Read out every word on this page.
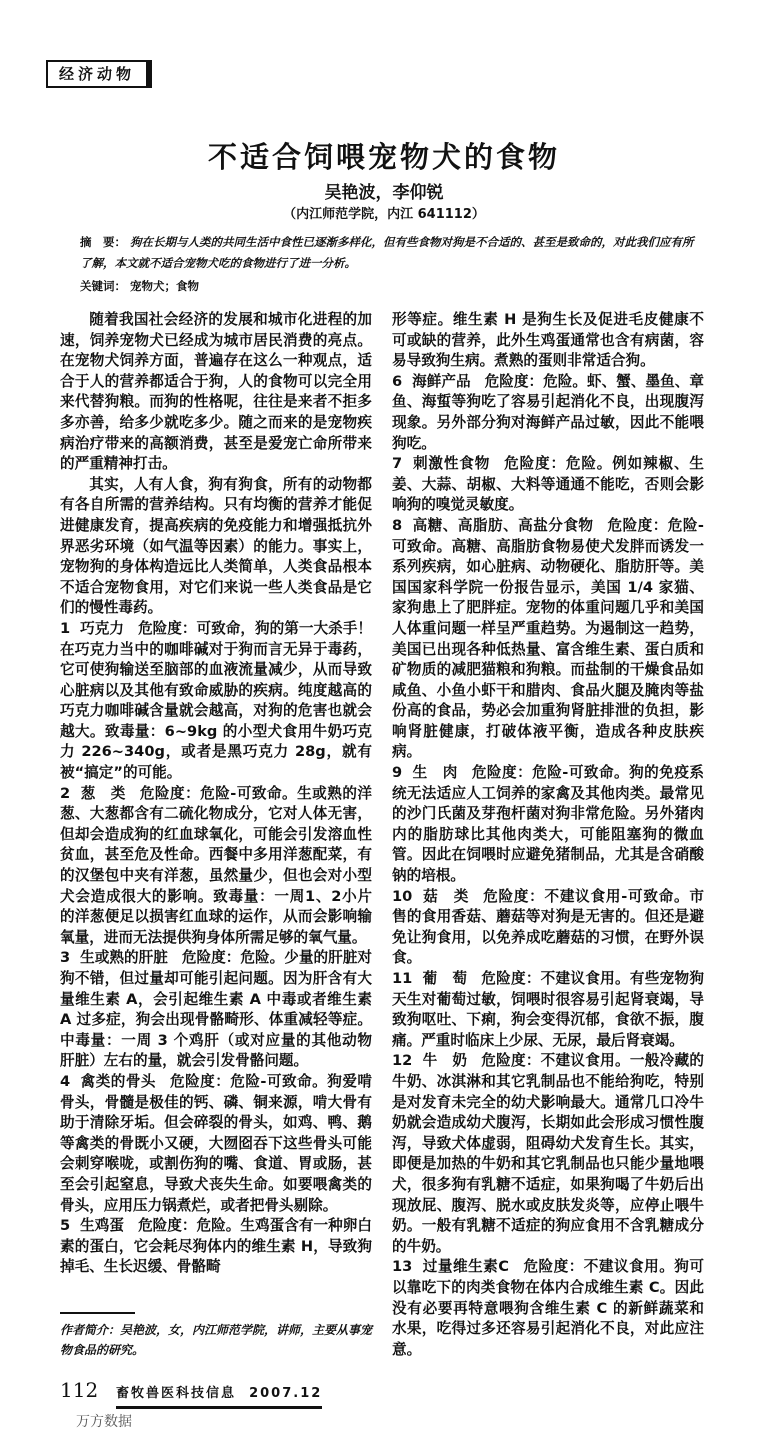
经济动物
不适合饲喂宠物犬的食物
吴艳波，李仰锐
（内江师范学院，内江 641112）
摘　要： 狗在长期与人类的共同生活中食性已逐渐多样化，但有些食物对狗是不合适的、甚至是致命的，对此我们应有所了解，本文就不适合宠物犬吃的食物进行了进一分析。
关键词： 宠物犬；食物

随着我国社会经济的发展和城市化进程的加速，饲养宠物犬已经成为城市居民消费的亮点。在宠物犬饲养方面，普遍存在这么一种观点，适合于人的营养都适合于狗，人的食物可以完全用来代替狗粮。而狗的性格呢，往往是来者不拒多多亦善，给多少就吃多少。随之而来的是宠物疾病治疗带来的高额消费，甚至是爱宠亡命所带来的严重精神打击。

其实，人有人食，狗有狗食，所有的动物都有各自所需的营养结构。只有均衡的营养才能促进健康发育，提高疾病的免疫能力和增强抵抗外界恶劣环境（如气温等因素）的能力。事实上，宠物狗的身体构造远比人类简单，人类食品根本不适合宠物食用，对它们来说一些人类食品是它们的慢性毒药。

1 巧克力 危险度：可致命，狗的第一大杀手！在巧克力当中的咖啡碱对于狗而言无异于毒药，它可使狗输送至脑部的血液流量减少，从而导致心脏病以及其他有致命威胁的疾病。纯度越高的巧克力咖啡碱含量就会越高，对狗的危害也就会越大。致毒量：6~9kg 的小型犬食用牛奶巧克力 226~340g，或者是黑巧克力 28g，就有被“搞定”的可能。

2 葱　类 危险度：危险-可致命。生或熟的洋葱、大葱都含有二硫化物成分，它对人体无害，但却会造成狗的红血球氧化，可能会引发溶血性贫血，甚至危及性命。西餐中多用洋葱配菜，有的汉堡包中夹有洋葱，虽然量少，但也会对小型犬会造成很大的影响。致毒量：一周1、2小片的洋葱便足以损害红血球的运作，从而会影响输氧量，进而无法提供狗身体所需足够的氧气量。

3 生或熟的肝脏 危险度：危险。少量的肝脏对狗不错，但过量却可能引起问题。因为肝含有大量维生素 A，会引起维生素 A 中毒或者维生素 A 过多症，狗会出现骨骼畸形、体重减轻等症。中毒量：一周 3 个鸡肝（或对应量的其他动物肝脏）左右的量，就会引发骨骼问题。

4 禽类的骨头 危险度：危险-可致命。狗爱啃骨头，骨髓是极佳的钙、磷、铜来源，啃大骨有助于清除牙垢。但会碎裂的骨头，如鸡、鸭、鹅等禽类的骨既小又硬，大囫囵吞下这些骨头可能会刺穿喉咙，或割伤狗的嘴、食道、胃或肠，甚至会引起窒息，导致犬丧失生命。如要喂禽类的骨头，应用压力锅煮烂，或者把骨头剔除。

5 生鸡蛋 危险度：危险。生鸡蛋含有一种卵白素的蛋白，它会耗尽狗体内的维生素 H，导致狗掉毛、生长迟缓、骨骼畸

作者简介：吴艳波，女，内江师范学院，讲师，主要从事宠物食品的研究。

形等症。维生素 H 是狗生长及促进毛皮健康不可或缺的营养，此外生鸡蛋通常也含有病菌，容易导致狗生病。煮熟的蛋则非常适合狗。

6 海鲜产品 危险度：危险。虾、蟹、墨鱼、章鱼、海蜇等狗吃了容易引起消化不良，出现腹泻现象。另外部分狗对海鲜产品过敏，因此不能喂狗吃。

7 刺激性食物 危险度：危险。例如辣椒、生姜、大蒜、胡椒、大料等通通不能吃，否则会影响狗的嗅觉灵敏度。

8 高糖、高脂肪、高盐分食物 危险度：危险-可致命。高糖、高脂肪食物易使犬发胖而诱发一系列疾病，如心脏病、动物硬化、脂肪肝等。美国国家科学院一份报告显示，美国 1/4 家猫、家狗患上了肥胖症。宠物的体重问题几乎和美国人体重问题一样呈严重趋势。为遏制这一趋势，美国已出现各种低热量、富含维生素、蛋白质和矿物质的减肥猫粮和狗粮。而盐制的干燥食品如咸鱼、小鱼小虾干和腊肉、食品火腿及腌肉等盐份高的食品，势必会加重狗肾脏排泄的负担，影响肾脏健康，打破体液平衡，造成各种皮肤疾病。

9 生　肉 危险度：危险-可致命。狗的免疫系统无法适应人工饲养的家禽及其他肉类。最常见的沙门氏菌及芽孢杆菌对狗非常危险。另外猪肉内的脂肪球比其他肉类大，可能阻塞狗的微血管。因此在饲喂时应避免猪制品，尤其是含硝酸钠的培根。

10 菇　类 危险度：不建议食用-可致命。市售的食用香菇、蘑菇等对狗是无害的。但还是避免让狗食用，以免养成吃蘑菇的习惯，在野外误食。

11 葡　萄 危险度：不建议食用。有些宠物狗天生对葡萄过敏，饲喂时很容易引起肾衰竭，导致狗呕吐、下痢，狗会变得沉郁，食欲不振，腹痛。严重时临床上少尿、无尿，最后肾衰竭。

12 牛　奶 危险度：不建议食用。一般冷藏的牛奶、冰淇淋和其它乳制品也不能给狗吃，特别是对发育未完全的幼犬影响最大。通常几口冷牛奶就会造成幼犬腹泻，长期如此会形成习惯性腹泻，导致犬体虚弱，阻碍幼犬发育生长。其实，即便是加热的牛奶和其它乳制品也只能少量地喂犬，很多狗有乳糖不适症，如果狗喝了牛奶后出现放屁、腹泻、脱水或皮肤发炎等，应停止喂牛奶。一般有乳糖不适症的狗应食用不含乳糖成分的牛奶。

13 过量维生素C 危险度：不建议食用。狗可以靠吃下的肉类食物在体内合成维生素 C。因此没有必要再特意喂狗含维生素 C 的新鲜蔬菜和水果，吃得过多还容易引起消化不良，对此应注意。

112	畜牧兽医科技信息 2007.12
万方数据
